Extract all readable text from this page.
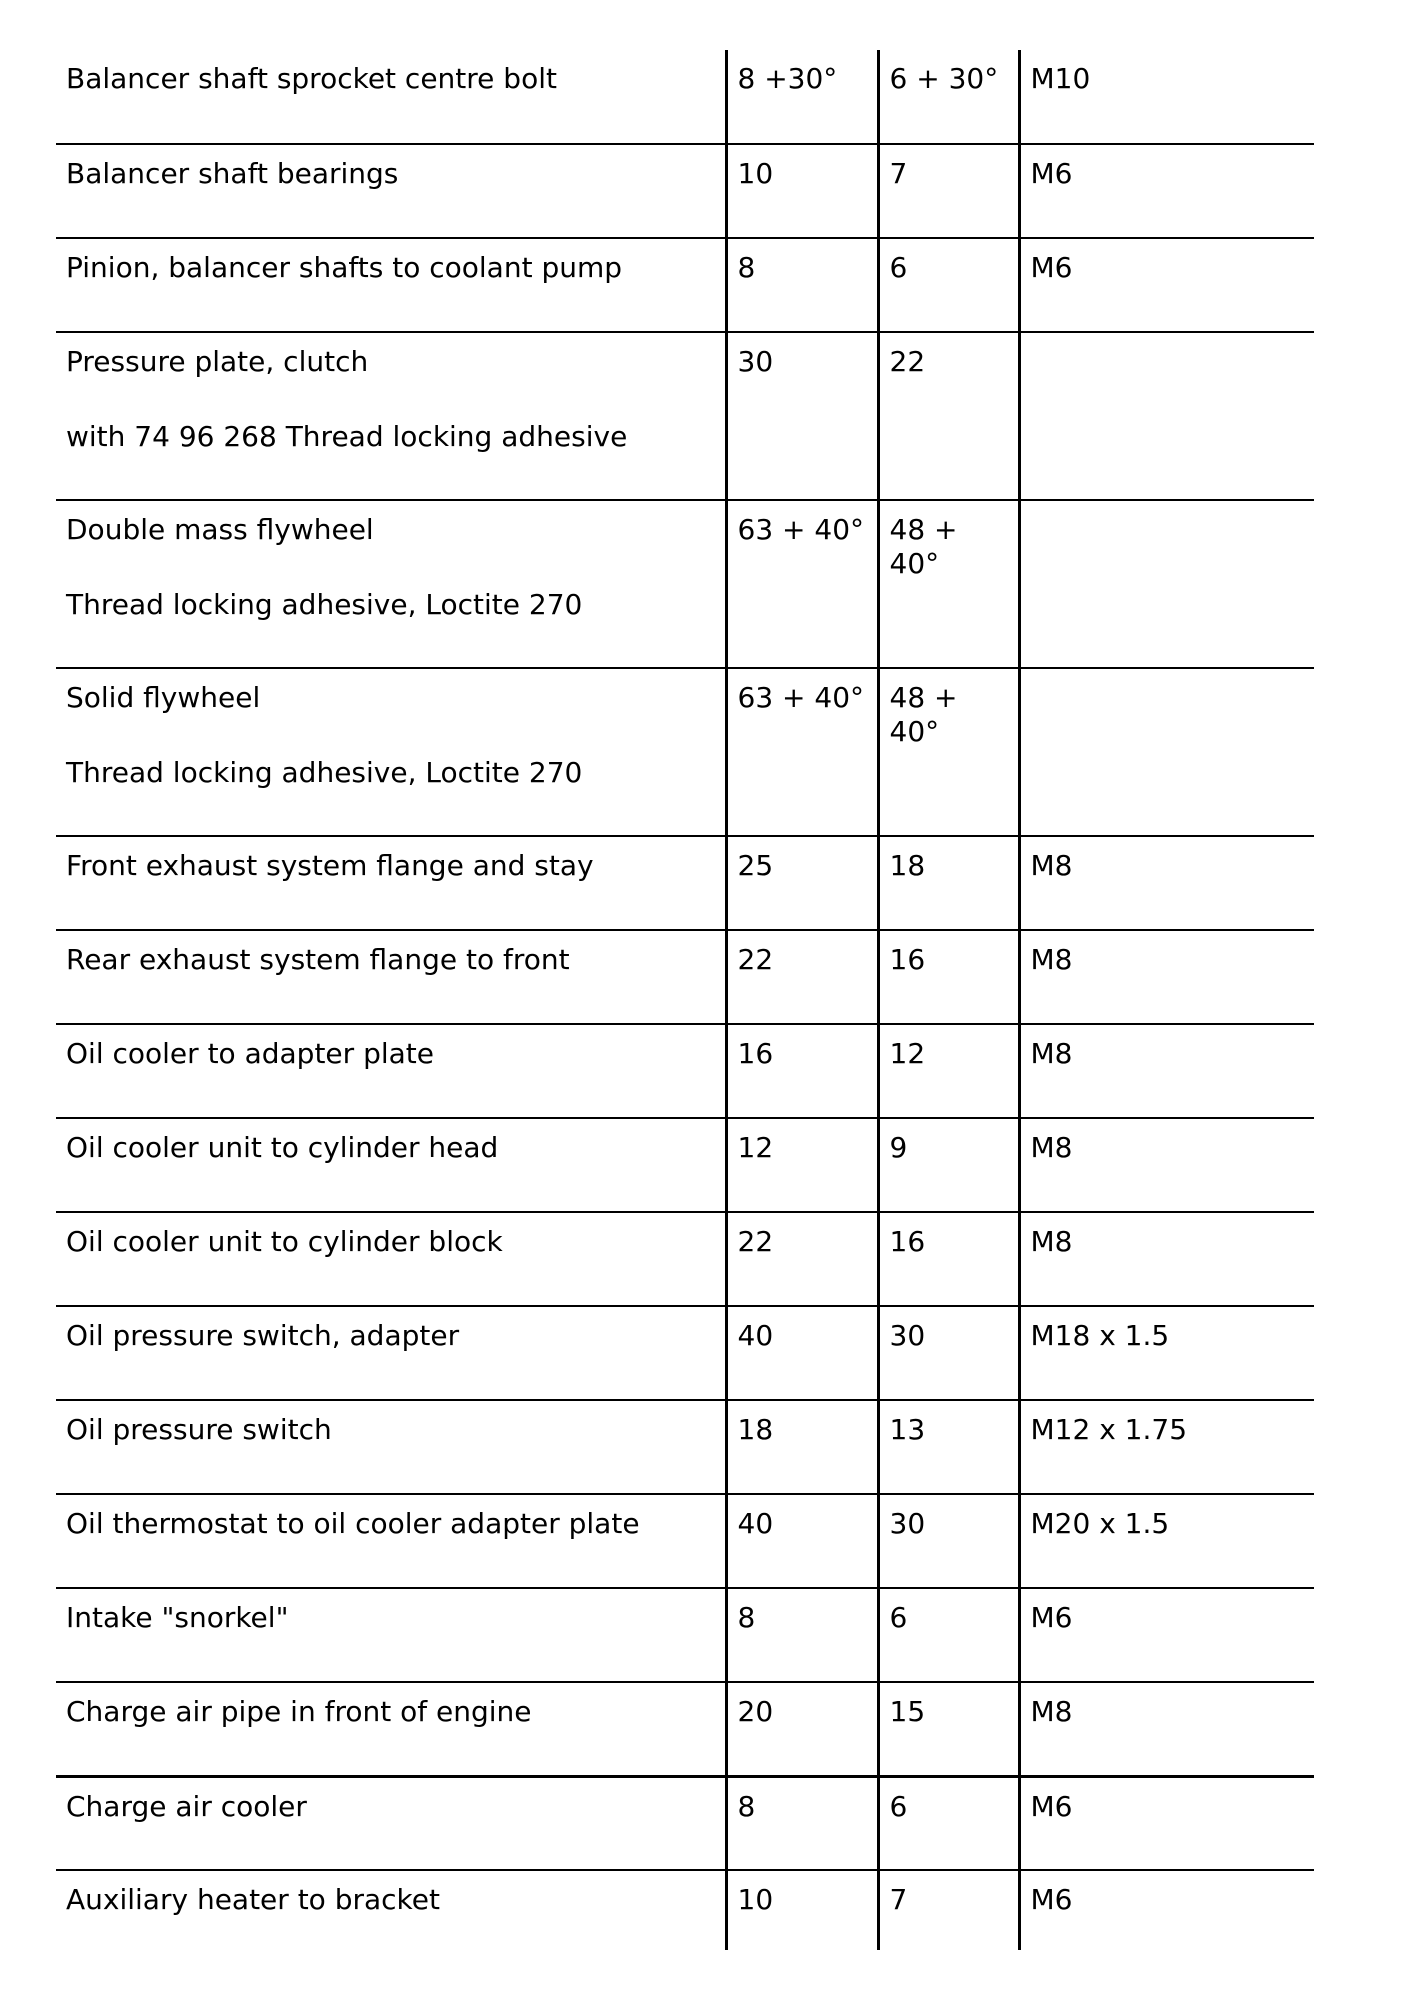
Balancer shaft sprocket centre bolt	8 +30°	6 + 30°	M10
Balancer shaft bearings	10	7	M6
Pinion, balancer shafts to coolant pump	8	6	M6
Pressure plate, clutch
with 74 96 268 Thread locking adhesive	30	22	
Double mass flywheel
Thread locking adhesive, Loctite 270	63 + 40°	48 + 40°	
Solid flywheel
Thread locking adhesive, Loctite 270	63 + 40°	48 + 40°	
Front exhaust system flange and stay	25	18	M8
Rear exhaust system flange to front	22	16	M8
Oil cooler to adapter plate	16	12	M8
Oil cooler unit to cylinder head	12	9	M8
Oil cooler unit to cylinder block	22	16	M8
Oil pressure switch, adapter	40	30	M18 x 1.5
Oil pressure switch	18	13	M12 x 1.75
Oil thermostat to oil cooler adapter plate	40	30	M20 x 1.5
Intake "snorkel"	8	6	M6
Charge air pipe in front of engine	20	15	M8
Charge air cooler	8	6	M6
Auxiliary heater to bracket	10	7	M6
